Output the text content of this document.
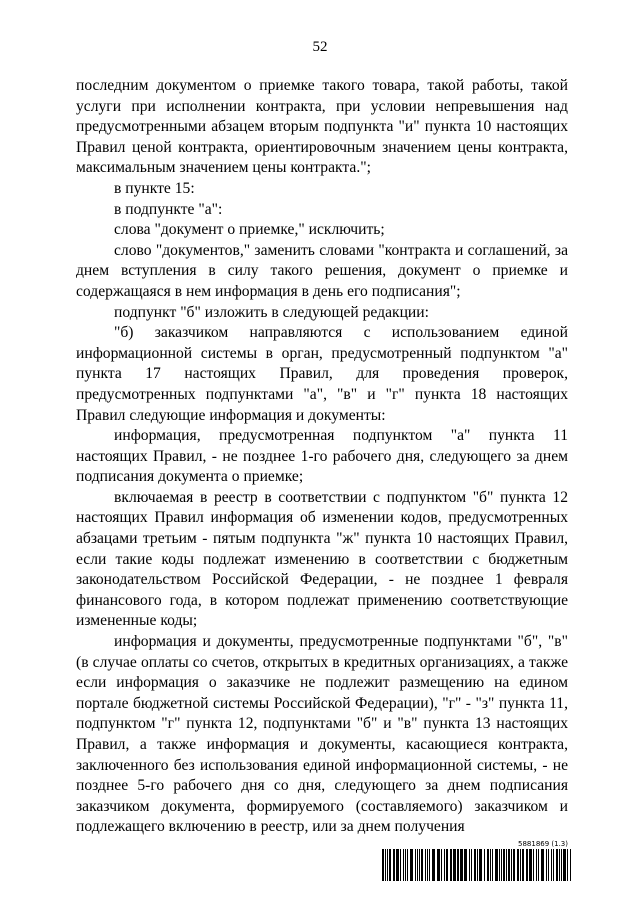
52

последним документом о приемке такого товара, такой работы, такой услуги при исполнении контракта, при условии непревышения над предусмотренными абзацем вторым подпункта "и" пункта 10 настоящих Правил ценой контракта, ориентировочным значением цены контракта, максимальным значением цены контракта.";

в пункте 15:

в подпункте "а":

слова "документ о приемке," исключить;

слово "документов," заменить словами "контракта и соглашений, за днем вступления в силу такого решения, документ о приемке и содержащаяся в нем информация в день его подписания";

подпункт "б" изложить в следующей редакции:

"б) заказчиком направляются с использованием единой информационной системы в орган, предусмотренный подпунктом "а" пункта 17 настоящих Правил, для проведения проверок, предусмотренных подпунктами "а", "в" и "г" пункта 18 настоящих Правил следующие информация и документы:

информация, предусмотренная подпунктом "а" пункта 11 настоящих Правил, - не позднее 1-го рабочего дня, следующего за днем подписания документа о приемке;

включаемая в реестр в соответствии с подпунктом "б" пункта 12 настоящих Правил информация об изменении кодов, предусмотренных абзацами третьим - пятым подпункта "ж" пункта 10 настоящих Правил, если такие коды подлежат изменению в соответствии с бюджетным законодательством Российской Федерации, - не позднее 1 февраля финансового года, в котором подлежат применению соответствующие измененные коды;

информация и документы, предусмотренные подпунктами "б", "в" (в случае оплаты со счетов, открытых в кредитных организациях, а также если информация о заказчике не подлежит размещению на едином портале бюджетной системы Российской Федерации), "г" - "з" пункта 11, подпунктом "г" пункта 12, подпунктами "б" и "в" пункта 13 настоящих Правил, а также информация и документы, касающиеся контракта, заключенного без использования единой информационной системы, - не позднее 5-го рабочего дня со дня, следующего за днем подписания заказчиком документа, формируемого (составляемого) заказчиком и подлежащего включению в реестр, или за днем получения

5881869 (1.3)
